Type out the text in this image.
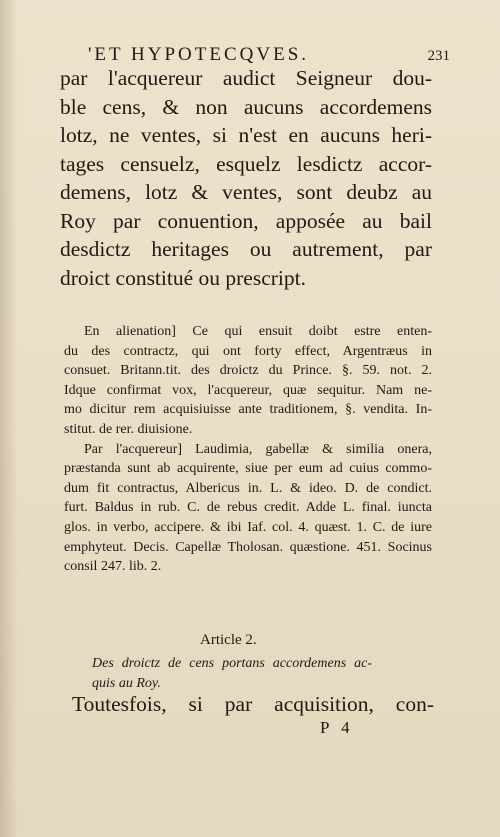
'ET HYPOTECQVES.	231
par l'acquereur audict Seigneur dou-
ble cens, & non aucuns accordemens
lotz, ne ventes, si n'est en aucuns heri-
tages censuelz, esquelz lesdictz accor-
demens, lotz & ventes, sont deubz au
Roy par conuention, apposée au bail
desdictz heritages ou autrement, par
droict constitué ou prescript.
En alienation] Ce qui ensuit doibt estre enten-
du des contractz, qui ont forty effect, Argentræus in
consuet. Britann.tit. des droictz du Prince. §. 59. not. 2.
Idque confirmat vox, l'acquereur, quæ sequitur. Nam ne-
mo dicitur rem acquisiuisse ante traditionem, §. vendita. In-
stitut. de rer. diuisione.
Par l'acquereur] Laudimia, gabellæ & similia onera,
præstanda sunt ab acquirente, siue per eum ad cuius commo-
dum fit contractus, Albericus in. L. & ideo. D. de condict.
furt. Baldus in rub. C. de rebus credit. Adde L. final. iuncta
glos. in verbo, accipere. & ibi Iaf. col. 4. quæst. 1. C. de iure
emphyteut. Decis. Capellæ Tholosan. quæstione. 451. Socinus
consil 247. lib. 2.
Article 2.
Des droictz de cens portans accordemens ac-
quis au Roy.
Toutesfois, si par acquisition, con-
P 4
